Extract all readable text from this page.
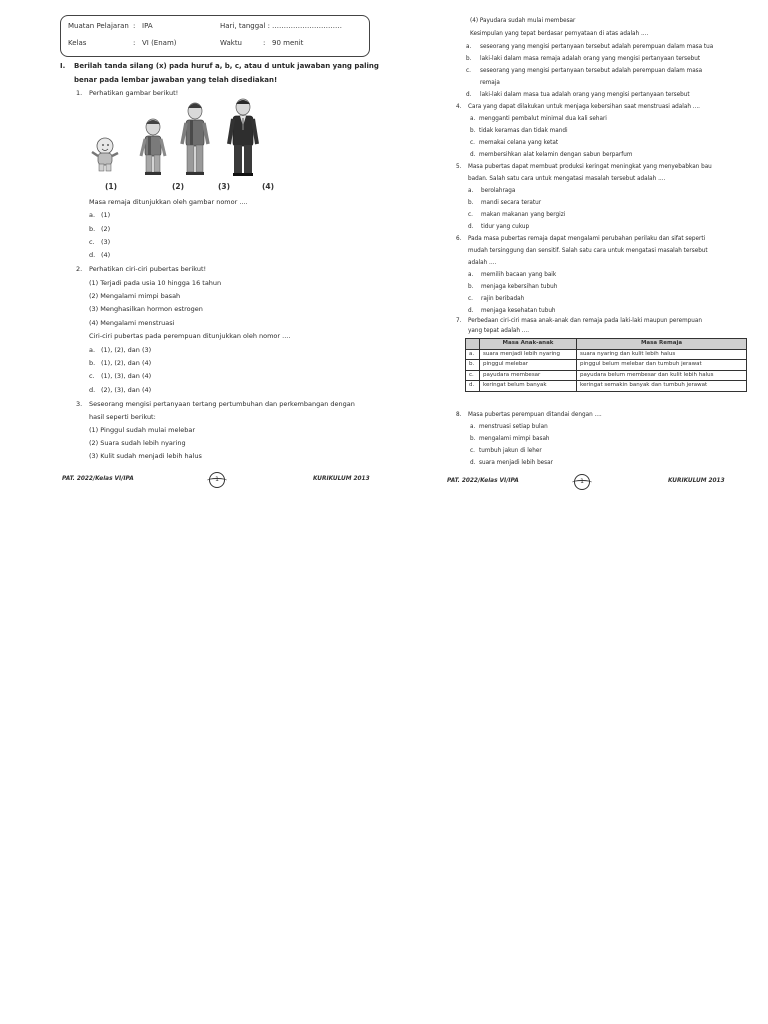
Muatan Pelajaran : IPA
Kelas	: VI (Enam)
Hari, tanggal : …………………………
Waktu	: 90 menit
I. Berilah tanda silang (x) pada huruf a, b, c, atau d untuk jawaban yang paling
benar pada lembar jawaban yang telah disediakan!
1. Perhatikan gambar berikut!
(1)	(2)	(3)	(4)
Masa remaja ditunjukkan oleh gambar nomor ....
a. (1)
b. (2)
c. (3)
d. (4)
2. Perhatikan ciri-ciri pubertas berikut!
(1) Terjadi pada usia 10 hingga 16 tahun
(2) Mengalami mimpi basah
(3) Menghasilkan hormon estrogen
(4) Mengalami menstruasi
Ciri-ciri pubertas pada perempuan ditunjukkan oleh nomor ....
a. (1), (2), dan (3)
b. (1), (2), dan (4)
c. (1), (3), dan (4)
d. (2), (3), dan (4)
3. Seseorang mengisi pertanyaan tertang pertumbuhan dan perkembangan dengan
hasil seperti berikut:
(1) Pinggul sudah mulai melebar
(2) Suara sudah lebih nyaring
(3) Kulit sudah menjadi lebih halus
PAT. 2022/Kelas VI/IPA	1	KURIKULUM 2013
(4) Payudara sudah mulai membesar
Kesimpulan yang tepat berdasar pernyataan di atas adalah ....
a. seseorang yang mengisi pertanyaan tersebut adalah perempuan dalam masa tua
b. laki-laki dalam masa remaja adalah orang yang mengisi pertanyaan tersebut
c. seseorang yang mengisi pertanyaan tersebut adalah perempuan dalam masa
remaja
d. laki-laki dalam masa tua adalah orang yang mengisi pertanyaan tersebut
4. Cara yang dapat dilakukan untuk menjaga kebersihan saat menstruasi adalah ....
a. mengganti pembalut minimal dua kali sehari
b. tidak keramas dan tidak mandi
c. memakai celana yang ketat
d. membersihkan alat kelamin dengan sabun berparfum
5. Masa pubertas dapat membuat produksi keringat meningkat yang menyebabkan bau
badan. Salah satu cara untuk mengatasi masalah tersebut adalah ....
a. berolahraga
b. mandi secara teratur
c. makan makanan yang bergizi
d. tidur yang cukup
6. Pada masa pubertas remaja dapat mengalami perubahan perilaku dan sifat seperti
mudah tersinggung dan sensitif. Salah satu cara untuk mengatasi masalah tersebut
adalah ....
a. memilih bacaan yang baik
b. menjaga kebersihan tubuh
c. rajin beribadah
d. menjaga kesehatan tubuh
7. Perbedaan ciri-ciri masa anak-anak dan remaja pada laki-laki maupun perempuan
yang tepat adalah ....
	Masa Anak-anak	Masa Remaja
a.	suara menjadi lebih nyaring	suara nyaring dan kulit lebih halus
b.	pinggul melebar	pinggul belum melebar dan tumbuh jerawat
c.	payudara membesar	payudara belum membesar dan kulit lebih halus
d.	keringat belum banyak	keringat semakin banyak dan tumbuh jerawat
8. Masa pubertas perempuan ditandai dengan ....
a. menstruasi setiap bulan
b. mengalami mimpi basah
c. tumbuh jakun di leher
d. suara menjadi lebih besar
PAT. 2022/Kelas VI/IPA	1	KURIKULUM 2013
